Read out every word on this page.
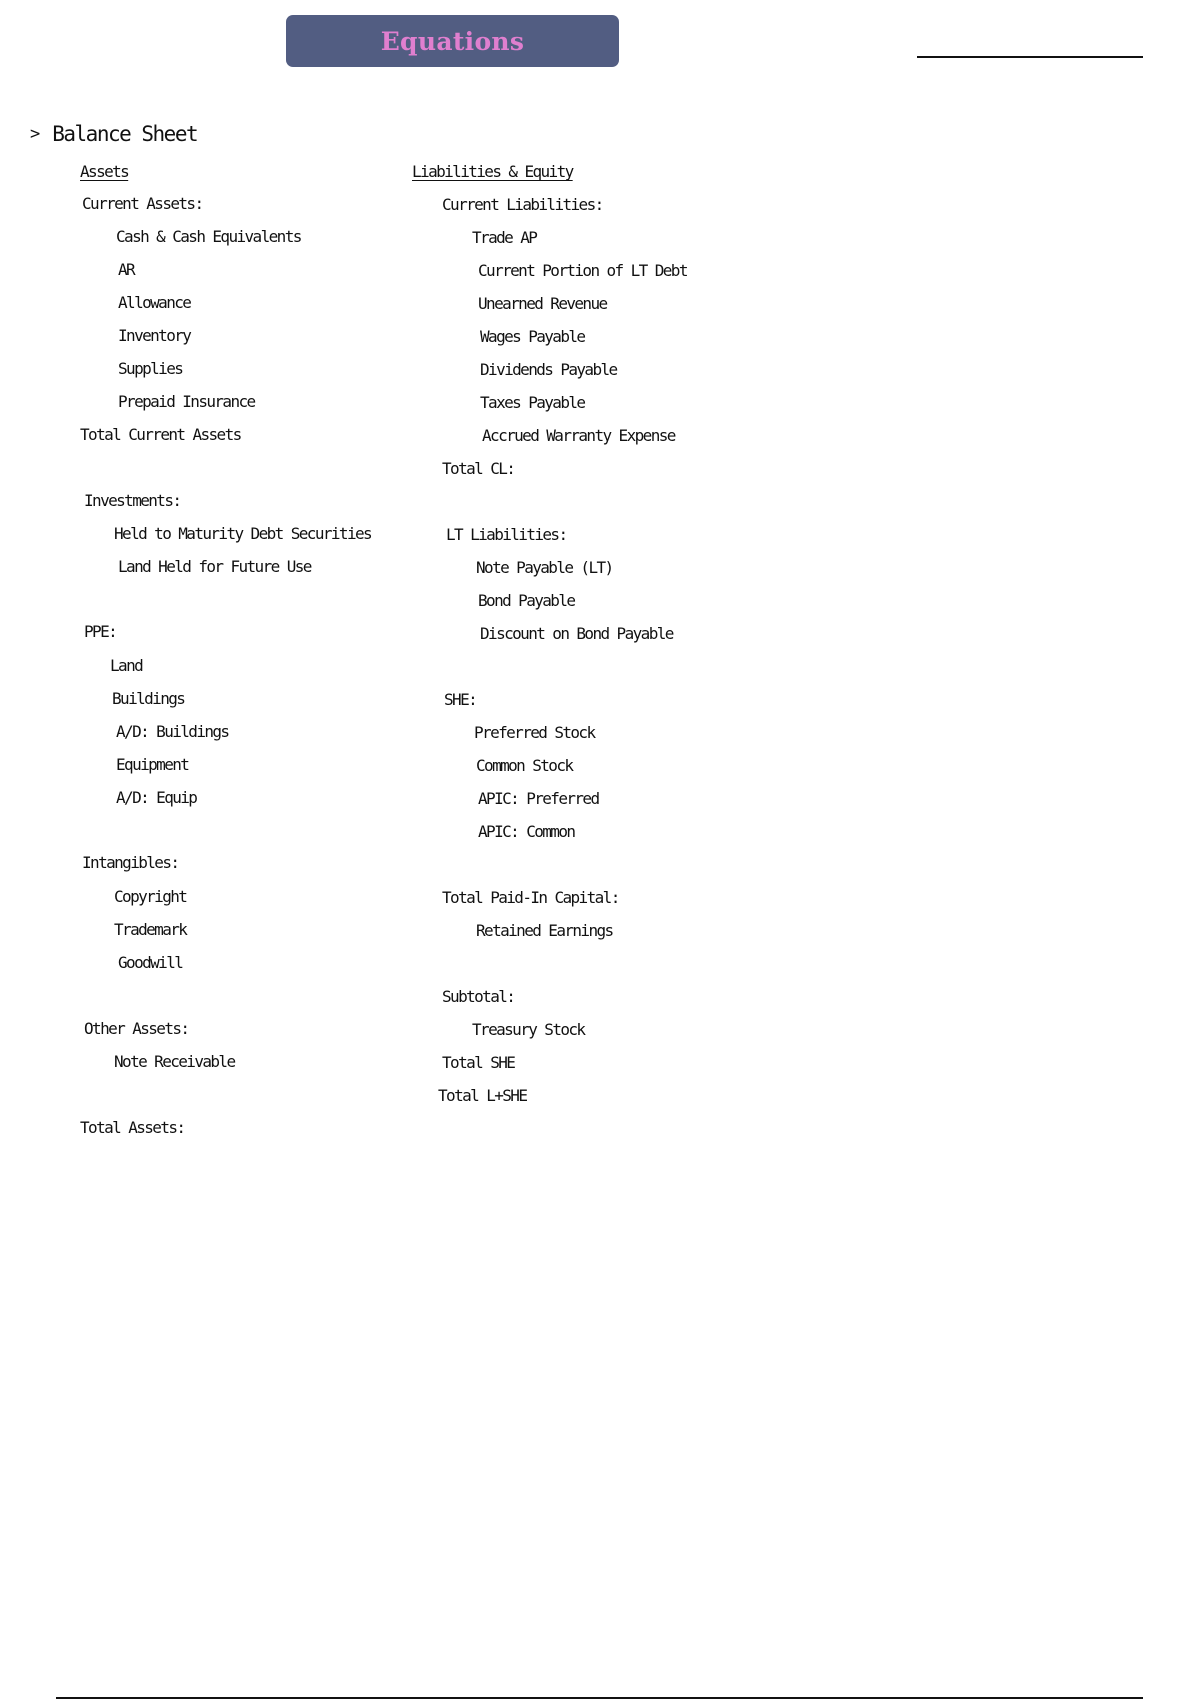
Equations
> Balance Sheet
Assets
Current Assets:
Cash & Cash Equivalents
AR
Allowance
Inventory
Supplies
Prepaid Insurance
Total Current Assets
Investments:
Held to Maturity Debt Securities
Land Held for Future Use
PPE:
Land
Buildings
A/D: Buildings
Equipment
A/D: Equip
Intangibles:
Copyright
Trademark
Goodwill
Other Assets:
Note Receivable
Total Assets:
Liabilities & Equity
Current Liabilities:
Trade AP
Current Portion of LT Debt
Unearned Revenue
Wages Payable
Dividends Payable
Taxes Payable
Accrued Warranty Expense
Total CL:
LT Liabilities:
Note Payable (LT)
Bond Payable
Discount on Bond Payable
SHE:
Preferred Stock
Common Stock
APIC: Preferred
APIC: Common
Total Paid-In Capital:
Retained Earnings
Subtotal:
Treasury Stock
Total SHE
Total L+SHE
